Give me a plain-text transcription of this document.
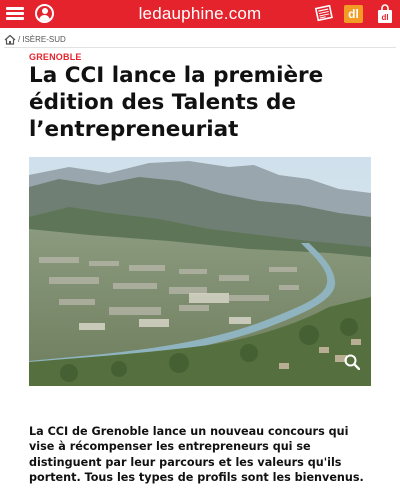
ledauphine.com	dl	dl
/ ISÈRE-SUD
GRENOBLE
La CCI lance la première édition des Talents de l’entrepreneuriat

La CCI de Grenoble lance un nouveau concours qui vise à récompenser les entrepreneurs qui se distinguent par leur parcours et les valeurs qu'ils portent. Tous les types de profils sont les bienvenus.
